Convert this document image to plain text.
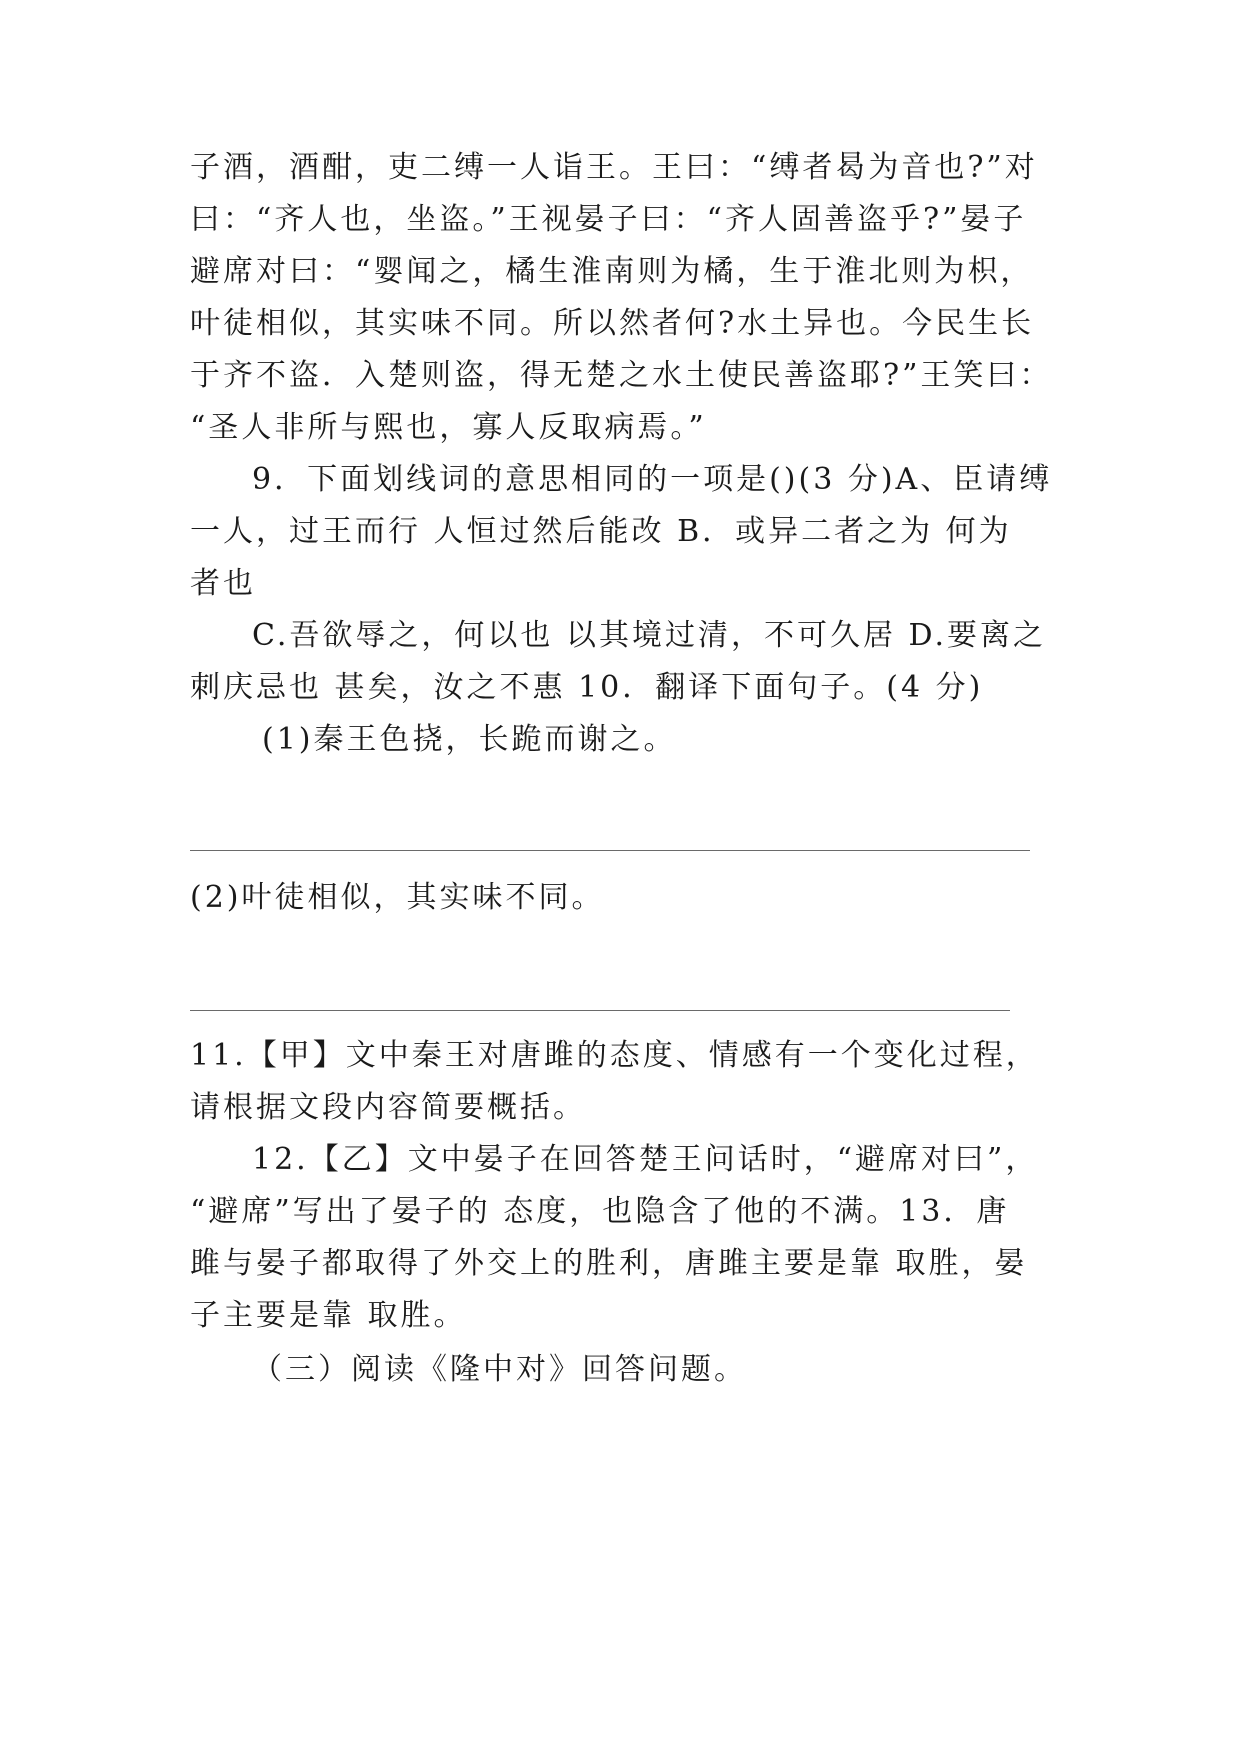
子酒，酒酣，吏二缚一人诣王。王曰：“缚者曷为音也?”对
曰：“齐人也，坐盗。”王视晏子曰：“齐人固善盗乎?”晏子
避席对曰：“婴闻之，橘生淮南则为橘，生于淮北则为枳，
叶徒相似，其实味不同。所以然者何?水土异也。今民生长
于齐不盗．入楚则盗，得无楚之水土使民善盗耶?”王笑曰：
“圣人非所与熙也，寡人反取病焉。”
9．下面划线词的意思相同的一项是()(3 分)A、臣请缚
一人，过王而行 人恒过然后能改 B．或异二者之为 何为
者也
C.吾欲辱之，何以也 以其境过清，不可久居 D.要离之
刺庆忌也 甚矣，汝之不惠 10．翻译下面句子。(4 分)
(1)秦王色挠，长跪而谢之。
(2)叶徒相似，其实味不同。
11.【甲】文中秦王对唐雎的态度、情感有一个变化过程，
请根据文段内容简要概括。
12.【乙】文中晏子在回答楚王问话时，“避席对曰”，
“避席”写出了晏子的 态度，也隐含了他的不满。13．唐
雎与晏子都取得了外交上的胜利，唐雎主要是靠 取胜，晏
子主要是靠 取胜。
（三）阅读《隆中对》回答问题。
